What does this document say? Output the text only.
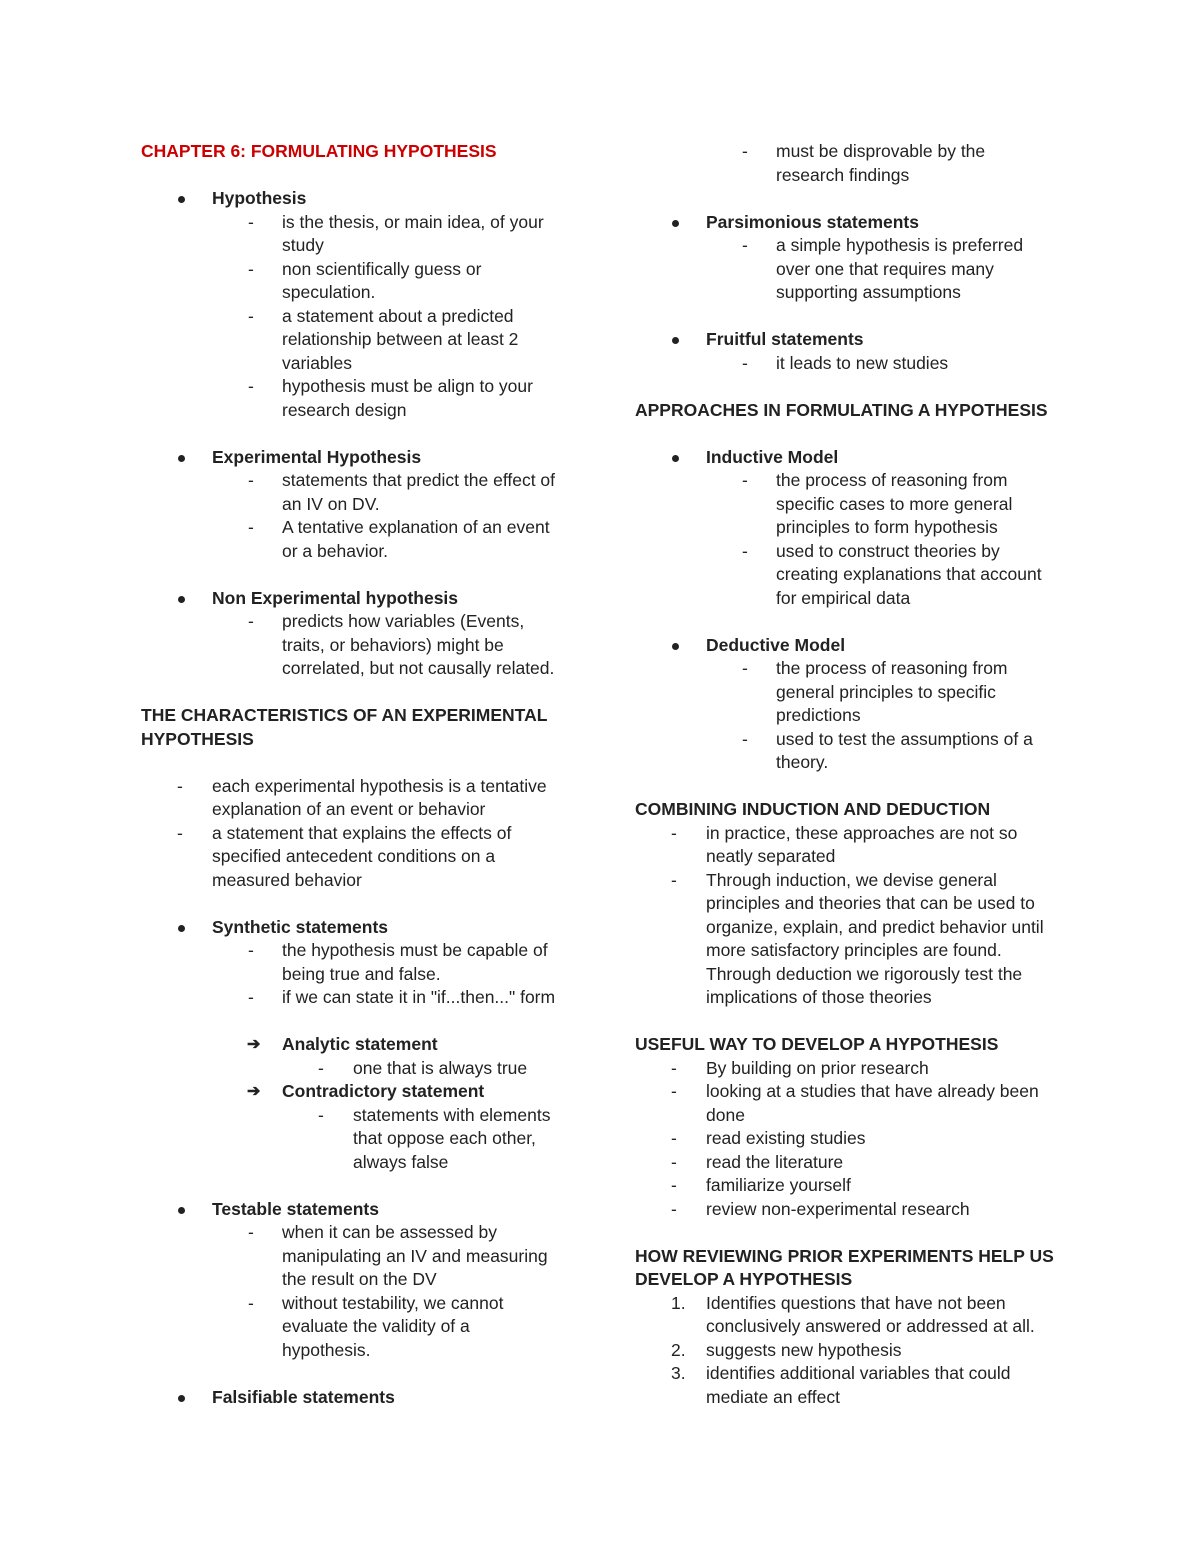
CHAPTER 6: FORMULATING HYPOTHESIS
Hypothesis
- is the thesis, or main idea, of your
study
- non scientifically guess or
speculation.
- a statement about a predicted
relationship between at least 2
variables
- hypothesis must be align to your
research design
Experimental Hypothesis
- statements that predict the effect of
an IV on DV.
- A tentative explanation of an event
or a behavior.
Non Experimental hypothesis
- predicts how variables (Events,
traits, or behaviors) might be
correlated, but not causally related.
THE CHARACTERISTICS OF AN EXPERIMENTAL
HYPOTHESIS
- each experimental hypothesis is a tentative
explanation of an event or behavior
- a statement that explains the effects of
specified antecedent conditions on a
measured behavior
Synthetic statements
- the hypothesis must be capable of
being true and false.
- if we can state it in "if...then..." form
➔ Analytic statement
- one that is always true
➔ Contradictory statement
- statements with elements
that oppose each other,
always false
Testable statements
- when it can be assessed by
manipulating an IV and measuring
the result on the DV
- without testability, we cannot
evaluate the validity of a
hypothesis.
Falsifiable statements
- must be disprovable by the
research findings
Parsimonious statements
- a simple hypothesis is preferred
over one that requires many
supporting assumptions
Fruitful statements
- it leads to new studies
APPROACHES IN FORMULATING A HYPOTHESIS
Inductive Model
- the process of reasoning from
specific cases to more general
principles to form hypothesis
- used to construct theories by
creating explanations that account
for empirical data
Deductive Model
- the process of reasoning from
general principles to specific
predictions
- used to test the assumptions of a
theory.
COMBINING INDUCTION AND DEDUCTION
- in practice, these approaches are not so
neatly separated
- Through induction, we devise general
principles and theories that can be used to
organize, explain, and predict behavior until
more satisfactory principles are found.
Through deduction we rigorously test the
implications of those theories
USEFUL WAY TO DEVELOP A HYPOTHESIS
- By building on prior research
- looking at a studies that have already been
done
- read existing studies
- read the literature
- familiarize yourself
- review non-experimental research
HOW REVIEWING PRIOR EXPERIMENTS HELP US
DEVELOP A HYPOTHESIS
1. Identifies questions that have not been
conclusively answered or addressed at all.
2. suggests new hypothesis
3. identifies additional variables that could
mediate an effect
